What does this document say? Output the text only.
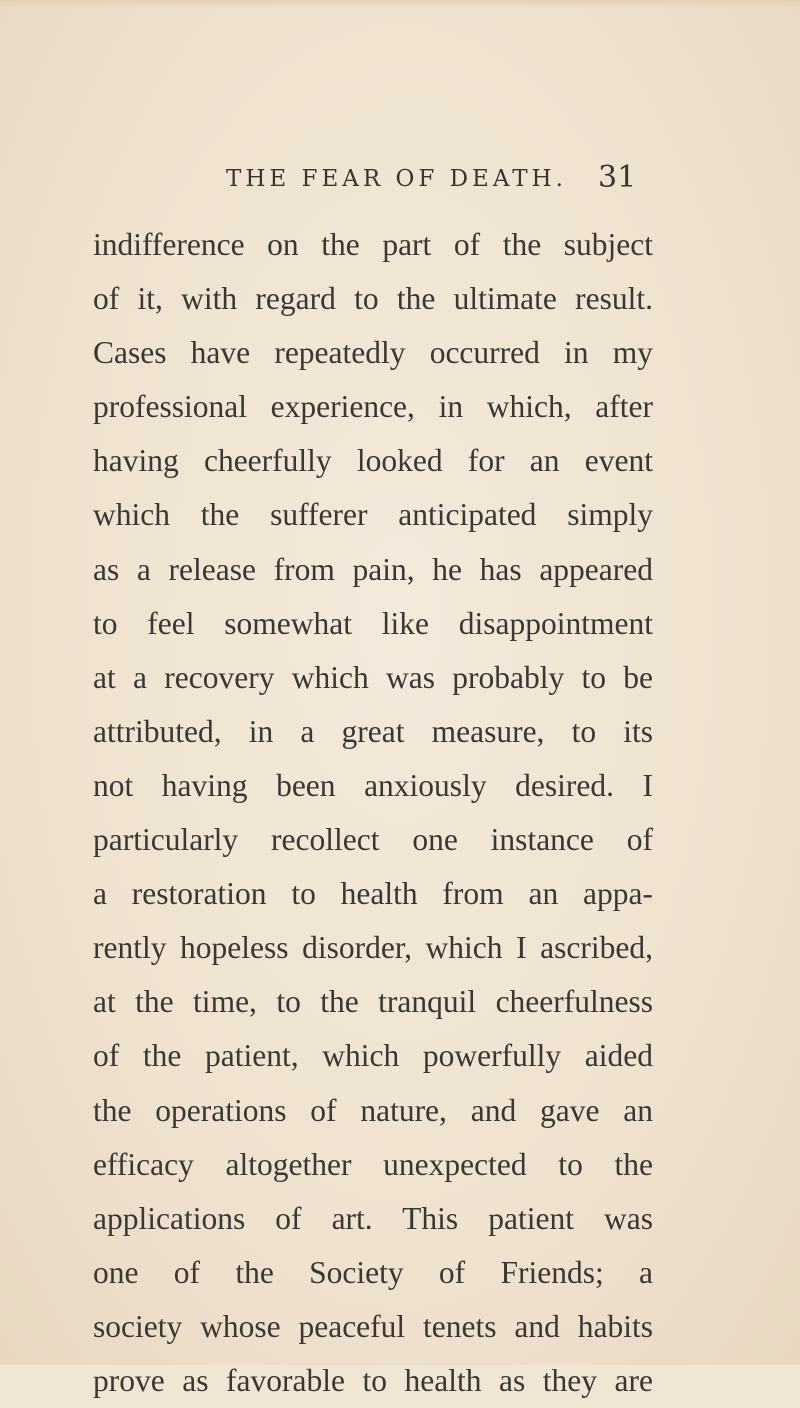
THE FEAR OF DEATH. 31
indifference on the part of the subject
of it, with regard to the ultimate result.
Cases have repeatedly occurred in my
professional experience, in which, after
having cheerfully looked for an event
which the sufferer anticipated simply
as a release from pain, he has appeared
to feel somewhat like disappointment
at a recovery which was probably to be
attributed, in a great measure, to its
not having been anxiously desired. I
particularly recollect one instance of
a restoration to health from an appa-
rently hopeless disorder, which I ascribed,
at the time, to the tranquil cheerfulness
of the patient, which powerfully aided
the operations of nature, and gave an
efficacy altogether unexpected to the
applications of art. This patient was
one of the Society of Friends; a
society whose peaceful tenets and habits
prove as favorable to health as they are
